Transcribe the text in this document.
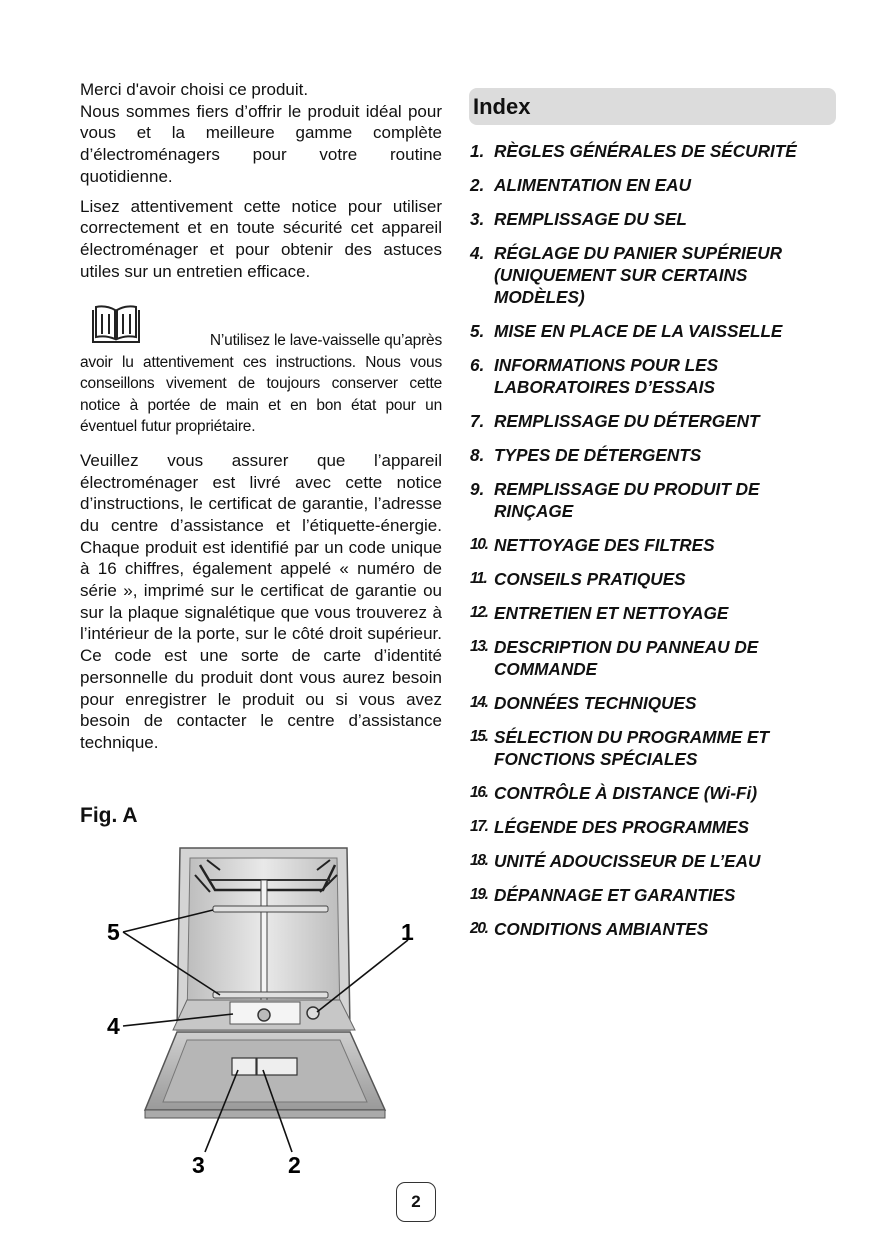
Merci d'avoir choisi ce produit.

Nous sommes fiers d’offrir le produit idéal pour vous et la meilleure gamme complète d’électroménagers pour votre routine quotidienne.

Lisez attentivement cette notice pour utiliser correctement et en toute sécurité cet appareil électroménager et pour obtenir des astuces utiles sur un entretien efficace.

N’utilisez le lave-vaisselle qu’après

avoir lu attentivement ces instructions. Nous vous conseillons vivement de toujours conserver cette notice à portée de main et en bon état pour un éventuel futur propriétaire.

Veuillez vous assurer que l’appareil électroménager est livré avec cette notice d’instructions, le certificat de garantie, l’adresse du centre d’assistance et l’étiquette-énergie. Chaque produit est identifié par un code unique à 16 chiffres, également appelé « numéro de série », imprimé sur le certificat de garantie ou sur la plaque signalétique que vous trouverez à l’intérieur de la porte, sur le côté droit supérieur. Ce code est une sorte de carte d’identité personnelle du produit dont vous aurez besoin pour enregistrer le produit ou si vous avez besoin de contacter le centre d’assistance technique.

Fig. A
5	1
4
3	2
Index
1. RÈGLES GÉNÉRALES DE SÉCURITÉ
2. ALIMENTATION EN EAU
3. REMPLISSAGE DU SEL
4. RÉGLAGE DU PANIER SUPÉRIEUR (UNIQUEMENT SUR CERTAINS MODÈLES)
5. MISE EN PLACE DE LA VAISSELLE
6. INFORMATIONS POUR LES LABORATOIRES D’ESSAIS
7. REMPLISSAGE DU DÉTERGENT
8. TYPES DE DÉTERGENTS
9. REMPLISSAGE DU PRODUIT DE RINÇAGE
10. NETTOYAGE DES FILTRES
11. CONSEILS PRATIQUES
12. ENTRETIEN ET NETTOYAGE
13. DESCRIPTION DU PANNEAU DE COMMANDE
14. DONNÉES TECHNIQUES
15. SÉLECTION DU PROGRAMME ET FONCTIONS SPÉCIALES
16. CONTRÔLE À DISTANCE (Wi-Fi)
17. LÉGENDE DES PROGRAMMES
18. UNITÉ ADOUCISSEUR DE L’EAU
19. DÉPANNAGE ET GARANTIES
20. CONDITIONS AMBIANTES
2
